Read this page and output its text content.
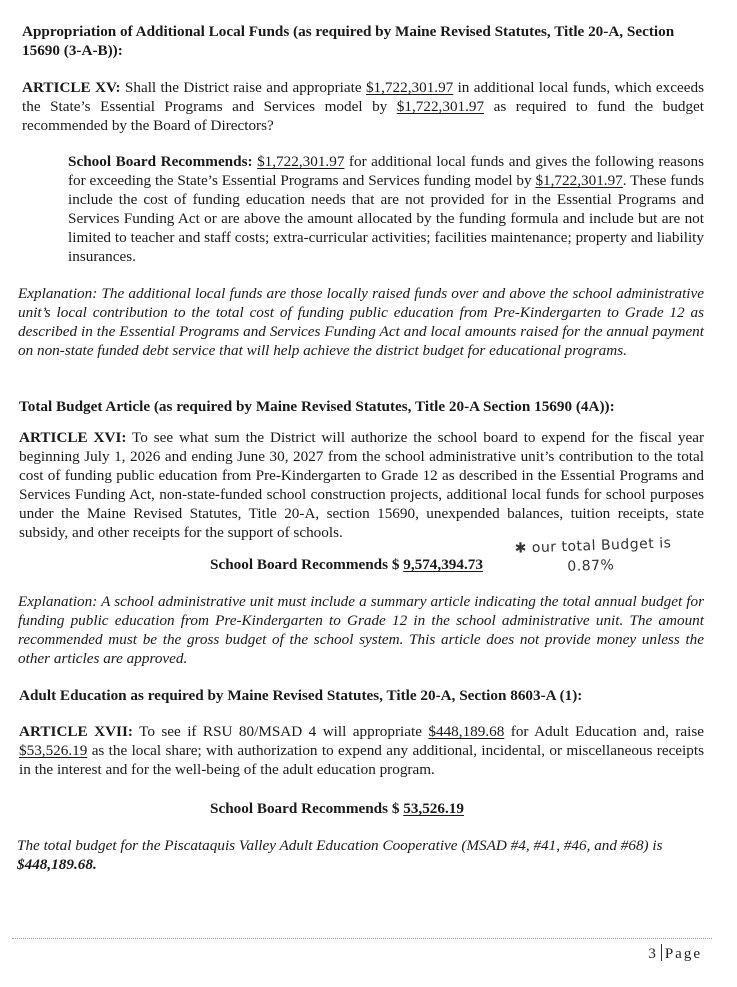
Appropriation of Additional Local Funds (as required by Maine Revised Statutes, Title 20-A, Section 15690 (3-A-B)):
ARTICLE XV: Shall the District raise and appropriate $1,722,301.97 in additional local funds, which exceeds the State’s Essential Programs and Services model by $1,722,301.97 as required to fund the budget recommended by the Board of Directors?
School Board Recommends: $1,722,301.97 for additional local funds and gives the following reasons for exceeding the State’s Essential Programs and Services funding model by $1,722,301.97. These funds include the cost of funding education needs that are not provided for in the Essential Programs and Services Funding Act or are above the amount allocated by the funding formula and include but are not limited to teacher and staff costs; extra-curricular activities; facilities maintenance; property and liability insurances.
Explanation: The additional local funds are those locally raised funds over and above the school administrative unit’s local contribution to the total cost of funding public education from Pre-Kindergarten to Grade 12 as described in the Essential Programs and Services Funding Act and local amounts raised for the annual payment on non-state funded debt service that will help achieve the district budget for educational programs.
Total Budget Article (as required by Maine Revised Statutes, Title 20-A Section 15690 (4A)):
ARTICLE XVI: To see what sum the District will authorize the school board to expend for the fiscal year beginning July 1, 2026 and ending June 30, 2027 from the school administrative unit’s contribution to the total cost of funding public education from Pre-Kindergarten to Grade 12 as described in the Essential Programs and Services Funding Act, non-state-funded school construction projects, additional local funds for school purposes under the Maine Revised Statutes, Title 20-A, section 15690, unexpended balances, tuition receipts, state subsidy, and other receipts for the support of schools.
School Board Recommends $ 9,574,394.73
✱ our total Budget is
0.87%
Explanation: A school administrative unit must include a summary article indicating the total annual budget for funding public education from Pre-Kindergarten to Grade 12 in the school administrative unit. The amount recommended must be the gross budget of the school system. This article does not provide money unless the other articles are approved.
Adult Education as required by Maine Revised Statutes, Title 20-A, Section 8603-A (1):
ARTICLE XVII: To see if RSU 80/MSAD 4 will appropriate $448,189.68 for Adult Education and, raise $53,526.19 as the local share; with authorization to expend any additional, incidental, or miscellaneous receipts in the interest and for the well-being of the adult education program.
School Board Recommends $ 53,526.19
The total budget for the Piscataquis Valley Adult Education Cooperative (MSAD #4, #41, #46, and #68) is $448,189.68.
3 Page
